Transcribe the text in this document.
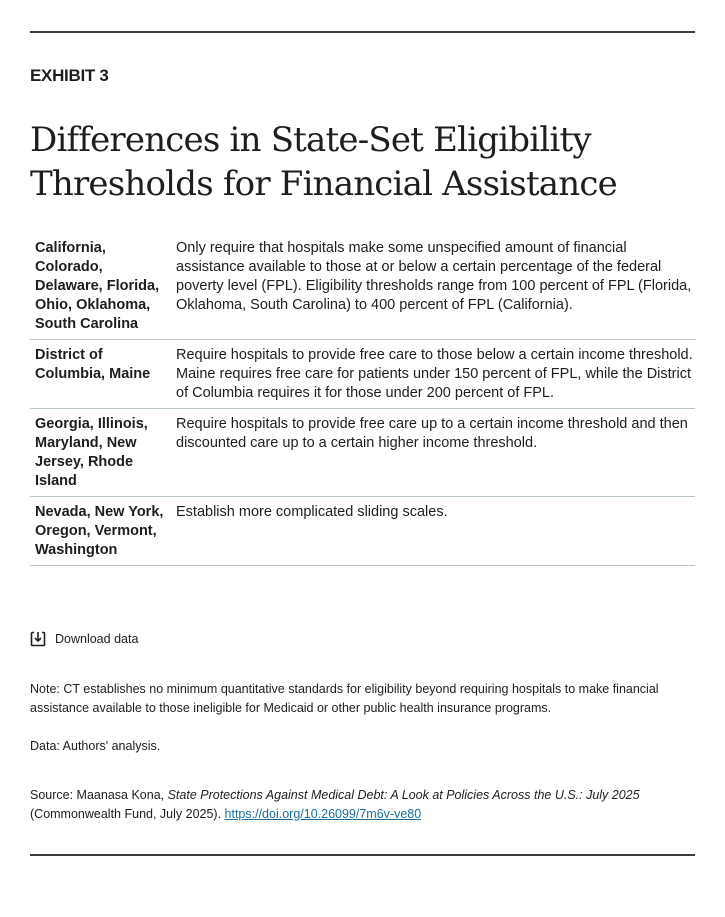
EXHIBIT 3
Differences in State-Set Eligibility Thresholds for Financial Assistance
California, Colorado, Delaware, Florida, Ohio, Oklahoma, South Carolina
Only require that hospitals make some unspecified amount of financial assistance available to those at or below a certain percentage of the federal poverty level (FPL). Eligibility thresholds range from 100 percent of FPL (Florida, Oklahoma, South Carolina) to 400 percent of FPL (California).
District of Columbia, Maine
Require hospitals to provide free care to those below a certain income threshold. Maine requires free care for patients under 150 percent of FPL, while the District of Columbia requires it for those under 200 percent of FPL.
Georgia, Illinois, Maryland, New Jersey, Rhode Island
Require hospitals to provide free care up to a certain income threshold and then discounted care up to a certain higher income threshold.
Nevada, New York, Oregon, Vermont, Washington
Establish more complicated sliding scales.
Download data

Note: CT establishes no minimum quantitative standards for eligibility beyond requiring hospitals to make financial assistance available to those ineligible for Medicaid or other public health insurance programs.

Data: Authors' analysis.

Source: Maanasa Kona, State Protections Against Medical Debt: A Look at Policies Across the U.S.: July 2025 (Commonwealth Fund, July 2025). https://doi.org/10.26099/7m6v-ve80
